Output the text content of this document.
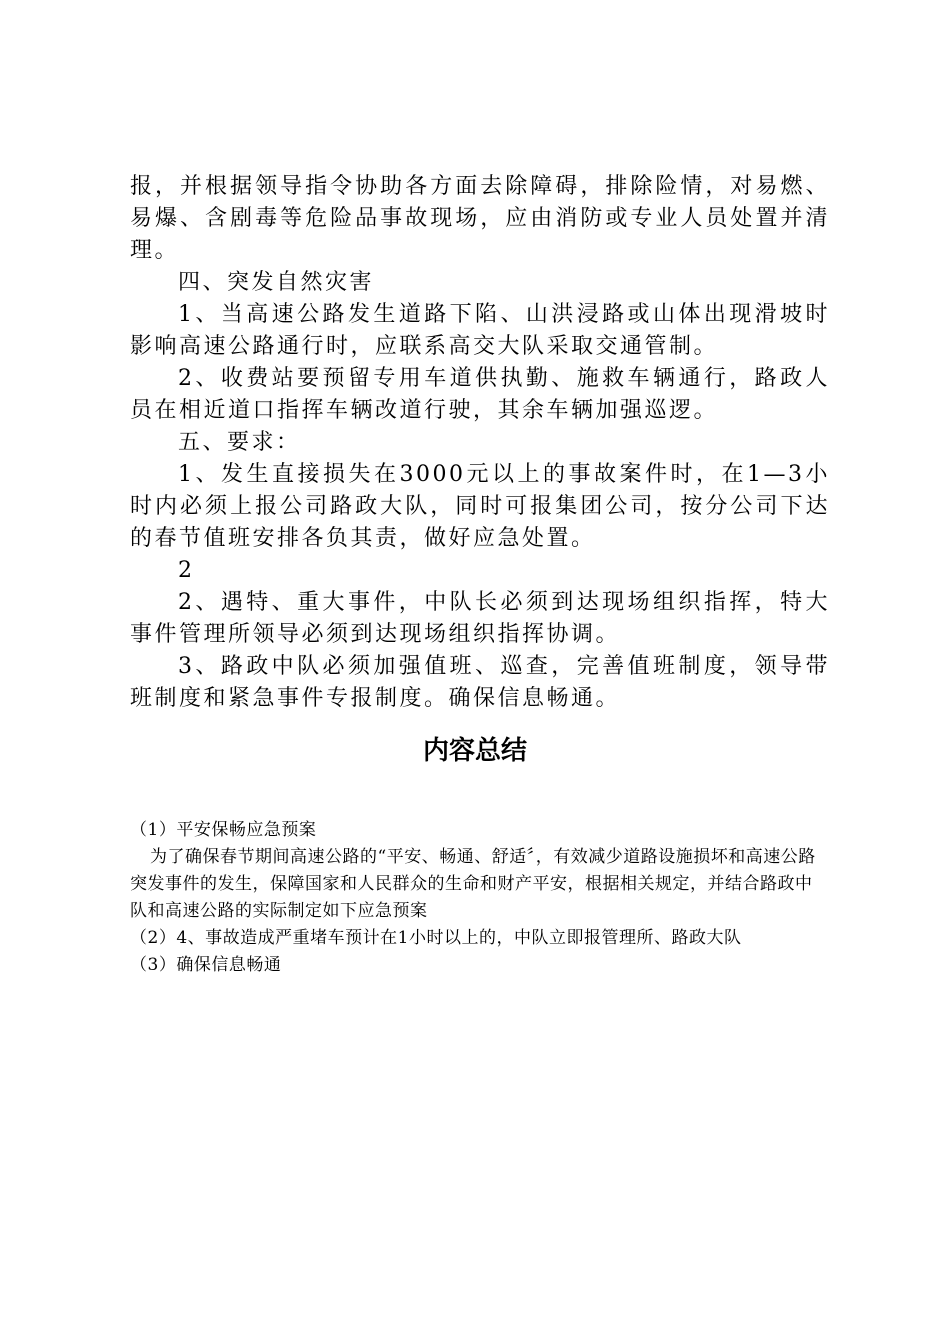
报，并根据领导指令协助各方面去除障碍，排除险情，对易燃、易爆、含剧毒等危险品事故现场，应由消防或专业人员处置并清理。

四、突发自然灾害

1、当高速公路发生道路下陷、山洪浸路或山体出现滑坡时影响高速公路通行时，应联系高交大队采取交通管制。

2、收费站要预留专用车道供执勤、施救车辆通行，路政人员在相近道口指挥车辆改道行驶，其余车辆加强巡逻。

五、要求：

1、发生直接损失在3000元以上的事故案件时，在1—3小时内必须上报公司路政大队，同时可报集团公司，按分公司下达的春节值班安排各负其责，做好应急处置。

2

2、遇特、重大事件，中队长必须到达现场组织指挥，特大事件管理所领导必须到达现场组织指挥协调。

3、路政中队必须加强值班、巡查，完善值班制度，领导带班制度和紧急事件专报制度。确保信息畅通。

内容总结

（1）平安保畅应急预案

为了确保春节期间高速公路的“平安、畅通、舒适〞，有效减少道路设施损坏和高速公路突发事件的发生，保障国家和人民群众的生命和财产平安，根据相关规定，并结合路政中队和高速公路的实际制定如下应急预案

（2）4、事故造成严重堵车预计在1小时以上的，中队立即报管理所、路政大队

（3）确保信息畅通
